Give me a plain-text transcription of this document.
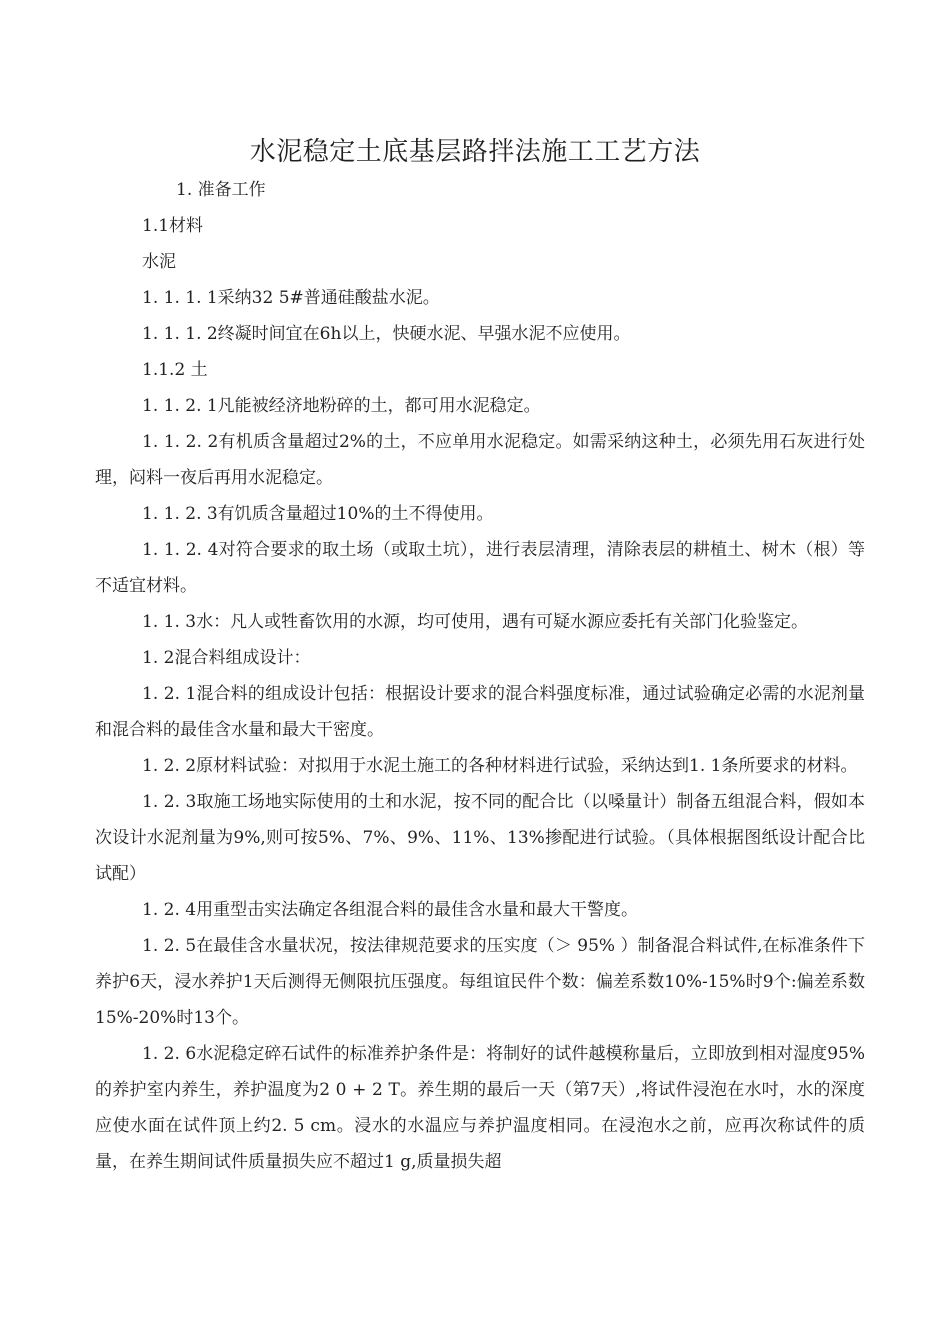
水泥稳定土底基层路拌法施工工艺方法

1. 准备工作

1.1材料

水泥

1. 1. 1. 1采纳32 5#普通硅酸盐水泥。

1. 1. 1. 2终凝时间宜在6h以上，快硬水泥、早强水泥不应使用。

1.1.2 土

1. 1. 2. 1凡能被经济地粉碎的土，都可用水泥稳定。

1. 1. 2. 2有机质含量超过2%的土，不应单用水泥稳定。如需采纳这种土，必须先用石灰进行处理，闷料一夜后再用水泥稳定。

1. 1. 2. 3有饥质含量超过10%的土不得使用。

1. 1. 2. 4对符合要求的取土场（或取土坑），进行表层清理，清除表层的耕植土、树木（根）等不适宜材料。

1. 1. 3水：凡人或牲畜饮用的水源，均可使用，遇有可疑水源应委托有关部门化验鉴定。

1. 2混合料组成设计：

1. 2. 1混合料的组成设计包括：根据设计要求的混合料强度标准，通过试验确定必需的水泥剂量和混合料的最佳含水量和最大干密度。

1. 2. 2原材料试验：对拟用于水泥土施工的各种材料进行试验，采纳达到1. 1条所要求的材料。

1. 2. 3取施工场地实际使用的土和水泥，按不同的配合比（以嗓量计）制备五组混合料，假如本次设计水泥剂量为9%,则可按5%、7%、9%、11%、13%掺配进行试验。（具体根据图纸设计配合比试配）

1. 2. 4用重型击实法确定各组混合料的最佳含水量和最大干警度。

1. 2. 5在最佳含水量状况，按法律规范要求的压实度（＞ 95% ）制备混合料试件,在标准条件下养护6天，浸水养护1天后测得无侧限抗压强度。每组谊民件个数：偏差系数10%-15%时9个:偏差系数15%-20%时13个。

1. 2. 6水泥稳定碎石试件的标准养护条件是：将制好的试件越模称量后，立即放到相对湿度95%的养护室内养生，养护温度为2 0 + 2 T。养生期的最后一天（第7天）,将试件浸泡在水吋，水的深度应使水面在试件顶上约2. 5 cm。浸水的水温应与养护温度相同。在浸泡水之前，应再次称试件的质量，在养生期间试件质量损失应不超过1 g,质量损失超
